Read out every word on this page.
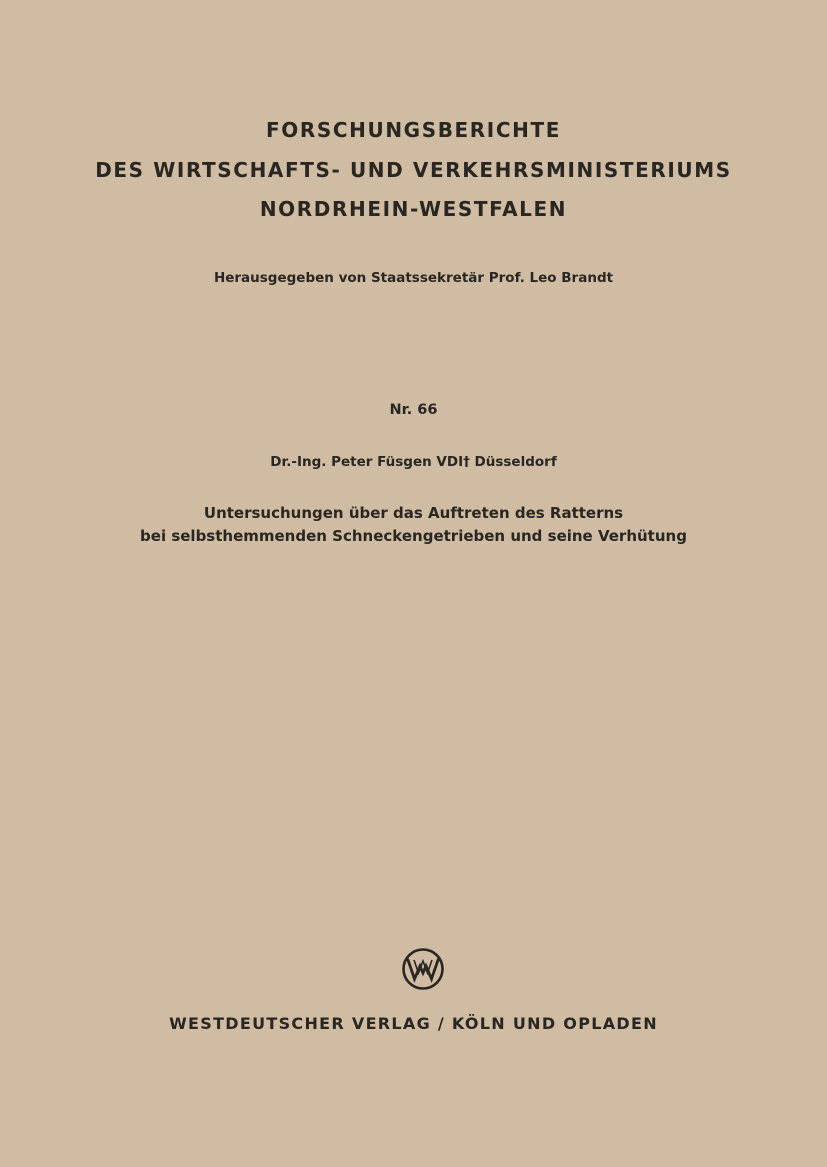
FORSCHUNGSBERICHTE
DES WIRTSCHAFTS- UND VERKEHRSMINISTERIUMS
NORDRHEIN-WESTFALEN
Herausgegeben von Staatssekretär Prof. Leo Brandt
Nr. 66
Dr.-Ing. Peter Füsgen VDI† Düsseldorf
Untersuchungen über das Auftreten des Ratterns
bei selbsthemmenden Schneckengetrieben und seine Verhütung
WESTDEUTSCHER VERLAG / KÖLN UND OPLADEN
